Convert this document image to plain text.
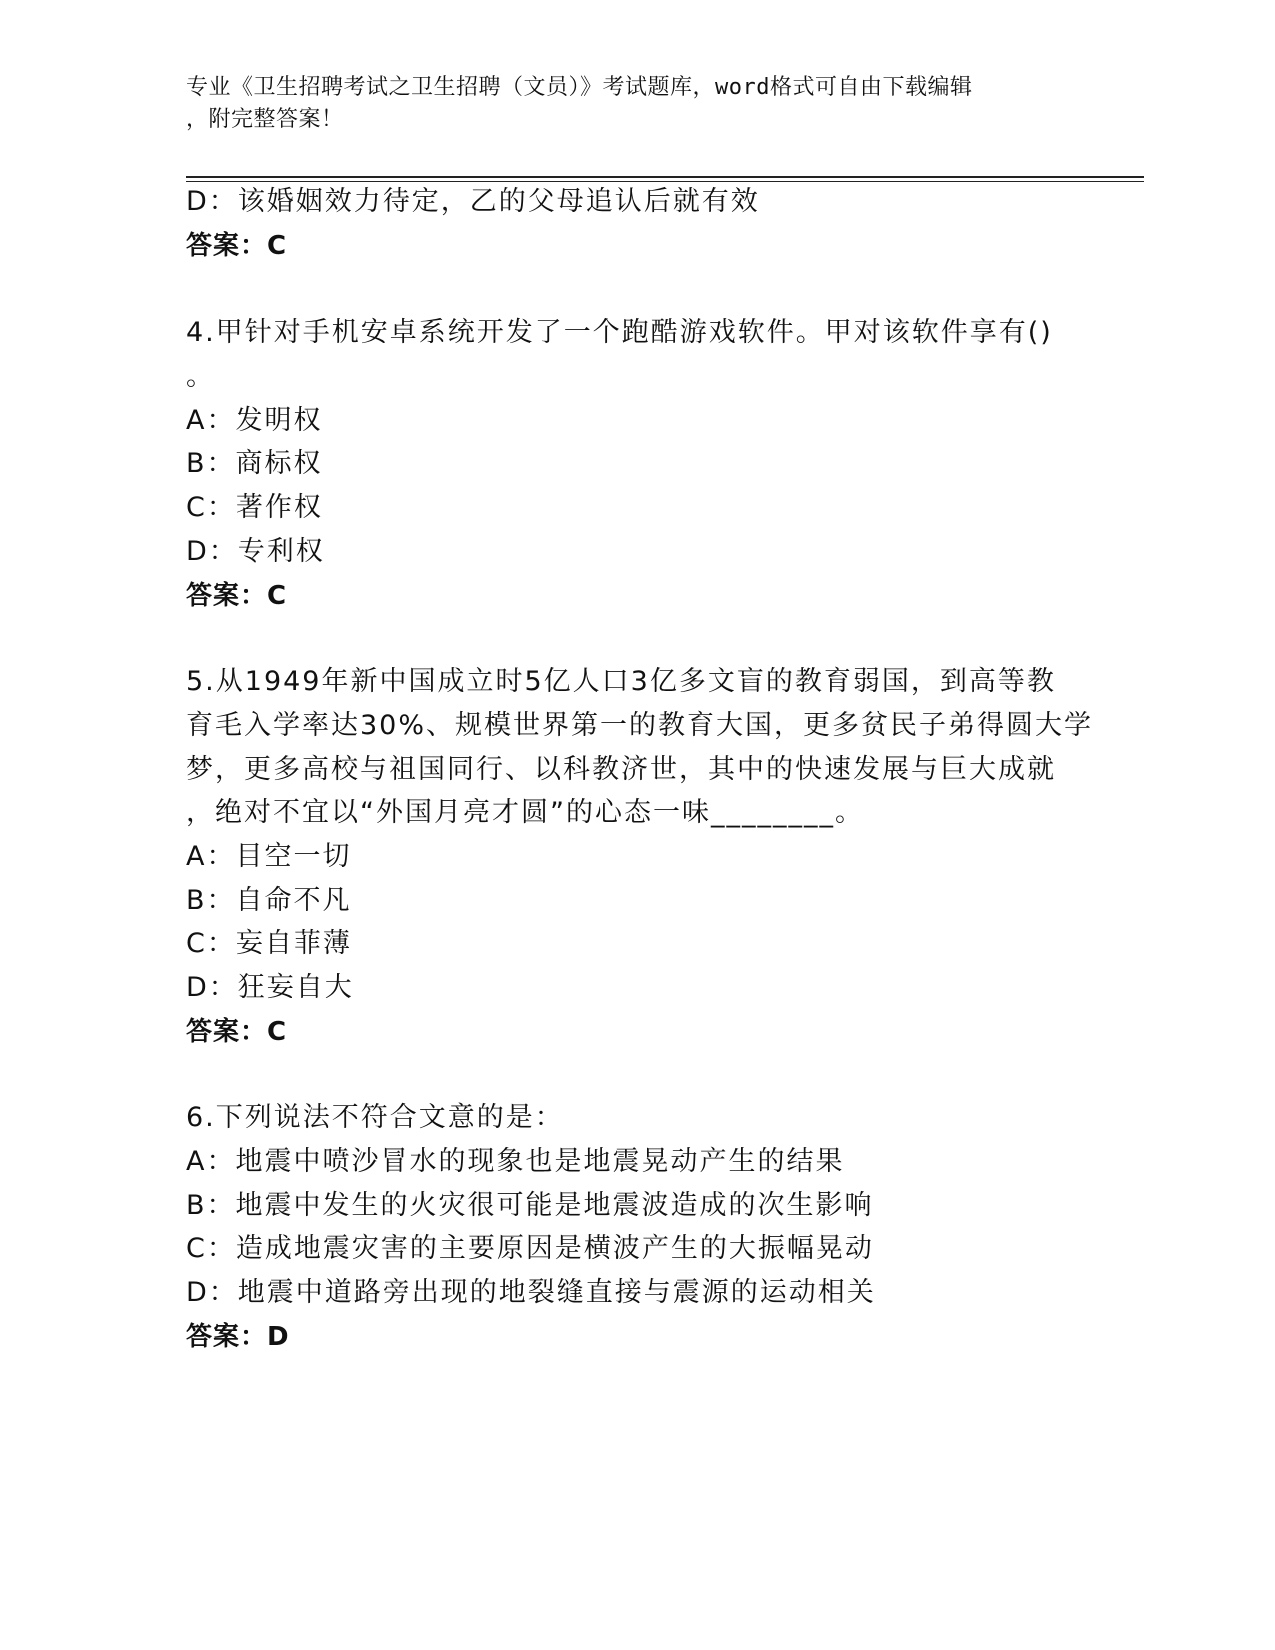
专业《卫生招聘考试之卫生招聘（文员）》考试题库，word格式可自由下载编辑
，附完整答案！
D：该婚姻效力待定，乙的父母追认后就有效
答案：C
4.甲针对手机安卓系统开发了一个跑酷游戏软件。甲对该软件享有()
。
A：发明权
B：商标权
C：著作权
D：专利权
答案：C
5.从1949年新中国成立时5亿人口3亿多文盲的教育弱国，到高等教
育毛入学率达30%、规模世界第一的教育大国，更多贫民子弟得圆大学
梦，更多高校与祖国同行、以科教济世，其中的快速发展与巨大成就
，绝对不宜以“外国月亮才圆”的心态一味________。
A：目空一切
B：自命不凡
C：妄自菲薄
D：狂妄自大
答案：C
6.下列说法不符合文意的是：
A：地震中喷沙冒水的现象也是地震晃动产生的结果
B：地震中发生的火灾很可能是地震波造成的次生影响
C：造成地震灾害的主要原因是横波产生的大振幅晃动
D：地震中道路旁出现的地裂缝直接与震源的运动相关
答案：D
